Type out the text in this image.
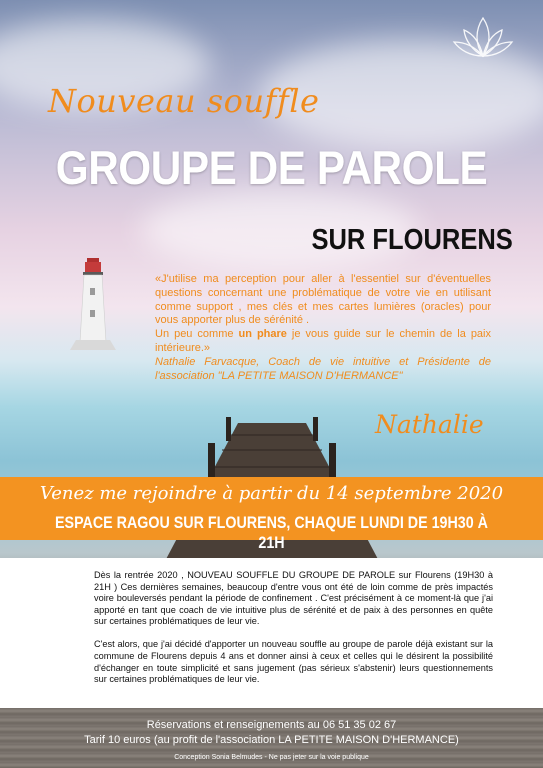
Nouveau souffle
GROUPE DE PAROLE
SUR FLOURENS
«J'utilise ma perception pour aller à l'essentiel sur d'éventuelles questions concernant une problématique de votre vie en utilisant comme support , mes clés et mes cartes lumières (oracles) pour vous apporter plus de sérénité .
Un peu comme un phare je vous guide sur le chemin de la paix intérieure.»
Nathalie Farvacque, Coach de vie intuitive et Présidente de l'association "LA PETITE MAISON D'HERMANCE"
Nathalie
Venez me rejoindre à partir du 14 septembre 2020
ESPACE RAGOU SUR FLOURENS, CHAQUE LUNDI DE 19H30 À 21H

Dès la rentrée 2020 , NOUVEAU SOUFFLE DU GROUPE DE PAROLE sur Flourens (19H30 à 21H ) Ces dernières semaines, beaucoup d'entre vous ont été de loin comme de près impactés voire bouleversés pendant la période de confinement . C'est précisément à ce moment-là que j'ai apporté en tant que coach de vie intuitive plus de sérénité et de paix à des personnes en quête sur certaines problématiques de leur vie.

C'est alors, que j'ai décidé d'apporter un nouveau souffle au groupe de parole déjà existant sur la commune de Flourens depuis 4 ans et donner ainsi à ceux et celles qui le désirent la possibilité d'échanger en toute simplicité et sans jugement (pas sérieux s'abstenir) leurs questionnements sur certaines problématiques de leur vie.

Réservations et renseignements au 06 51 35 02 67
Tarif 10 euros (au profit de l'association LA PETITE MAISON D'HERMANCE)
Conception Sonia Belmudes - Ne pas jeter sur la voie publique
